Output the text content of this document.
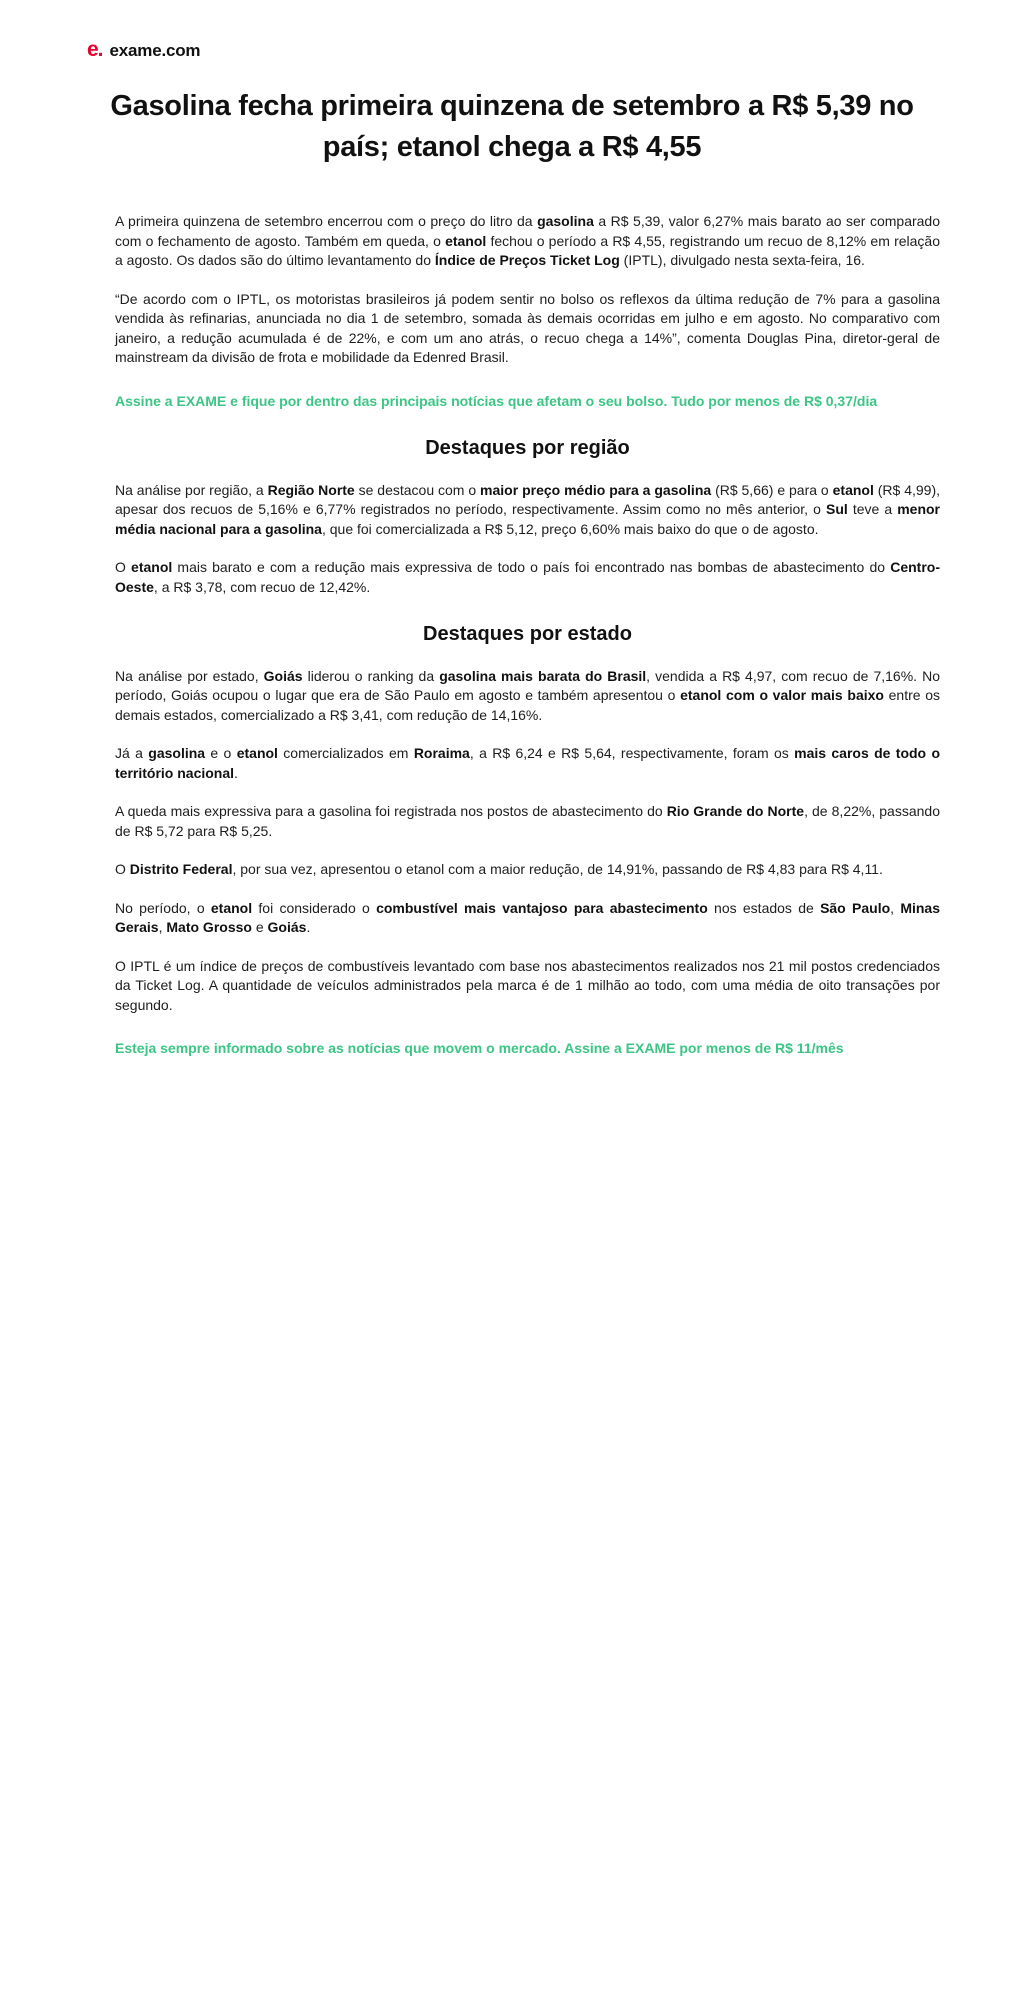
e. exame.com
Gasolina fecha primeira quinzena de setembro a R$ 5,39 no país; etanol chega a R$ 4,55

A primeira quinzena de setembro encerrou com o preço do litro da gasolina a R$ 5,39, valor 6,27% mais barato ao ser comparado com o fechamento de agosto. Também em queda, o etanol fechou o período a R$ 4,55, registrando um recuo de 8,12% em relação a agosto. Os dados são do último levantamento do Índice de Preços Ticket Log (IPTL), divulgado nesta sexta-feira, 16.

“De acordo com o IPTL, os motoristas brasileiros já podem sentir no bolso os reflexos da última redução de 7% para a gasolina vendida às refinarias, anunciada no dia 1 de setembro, somada às demais ocorridas em julho e em agosto. No comparativo com janeiro, a redução acumulada é de 22%, e com um ano atrás, o recuo chega a 14%”, comenta Douglas Pina, diretor-geral de mainstream da divisão de frota e mobilidade da Edenred Brasil.

Assine a EXAME e fique por dentro das principais notícias que afetam o seu bolso. Tudo por menos de R$ 0,37/dia

Destaques por região

Na análise por região, a Região Norte se destacou com o maior preço médio para a gasolina (R$ 5,66) e para o etanol (R$ 4,99), apesar dos recuos de 5,16% e 6,77% registrados no período, respectivamente. Assim como no mês anterior, o Sul teve a menor média nacional para a gasolina, que foi comercializada a R$ 5,12, preço 6,60% mais baixo do que o de agosto.

O etanol mais barato e com a redução mais expressiva de todo o país foi encontrado nas bombas de abastecimento do Centro-Oeste, a R$ 3,78, com recuo de 12,42%.

Destaques por estado

Na análise por estado, Goiás liderou o ranking da gasolina mais barata do Brasil, vendida a R$ 4,97, com recuo de 7,16%. No período, Goiás ocupou o lugar que era de São Paulo em agosto e também apresentou o etanol com o valor mais baixo entre os demais estados, comercializado a R$ 3,41, com redução de 14,16%.

Já a gasolina e o etanol comercializados em Roraima, a R$ 6,24 e R$ 5,64, respectivamente, foram os mais caros de todo o território nacional.

A queda mais expressiva para a gasolina foi registrada nos postos de abastecimento do Rio Grande do Norte, de 8,22%, passando de R$ 5,72 para R$ 5,25.

O Distrito Federal, por sua vez, apresentou o etanol com a maior redução, de 14,91%, passando de R$ 4,83 para R$ 4,11.

No período, o etanol foi considerado o combustível mais vantajoso para abastecimento nos estados de São Paulo, Minas Gerais, Mato Grosso e Goiás.

O IPTL é um índice de preços de combustíveis levantado com base nos abastecimentos realizados nos 21 mil postos credenciados da Ticket Log. A quantidade de veículos administrados pela marca é de 1 milhão ao todo, com uma média de oito transações por segundo.

Esteja sempre informado sobre as notícias que movem o mercado. Assine a EXAME por menos de R$ 11/mês
